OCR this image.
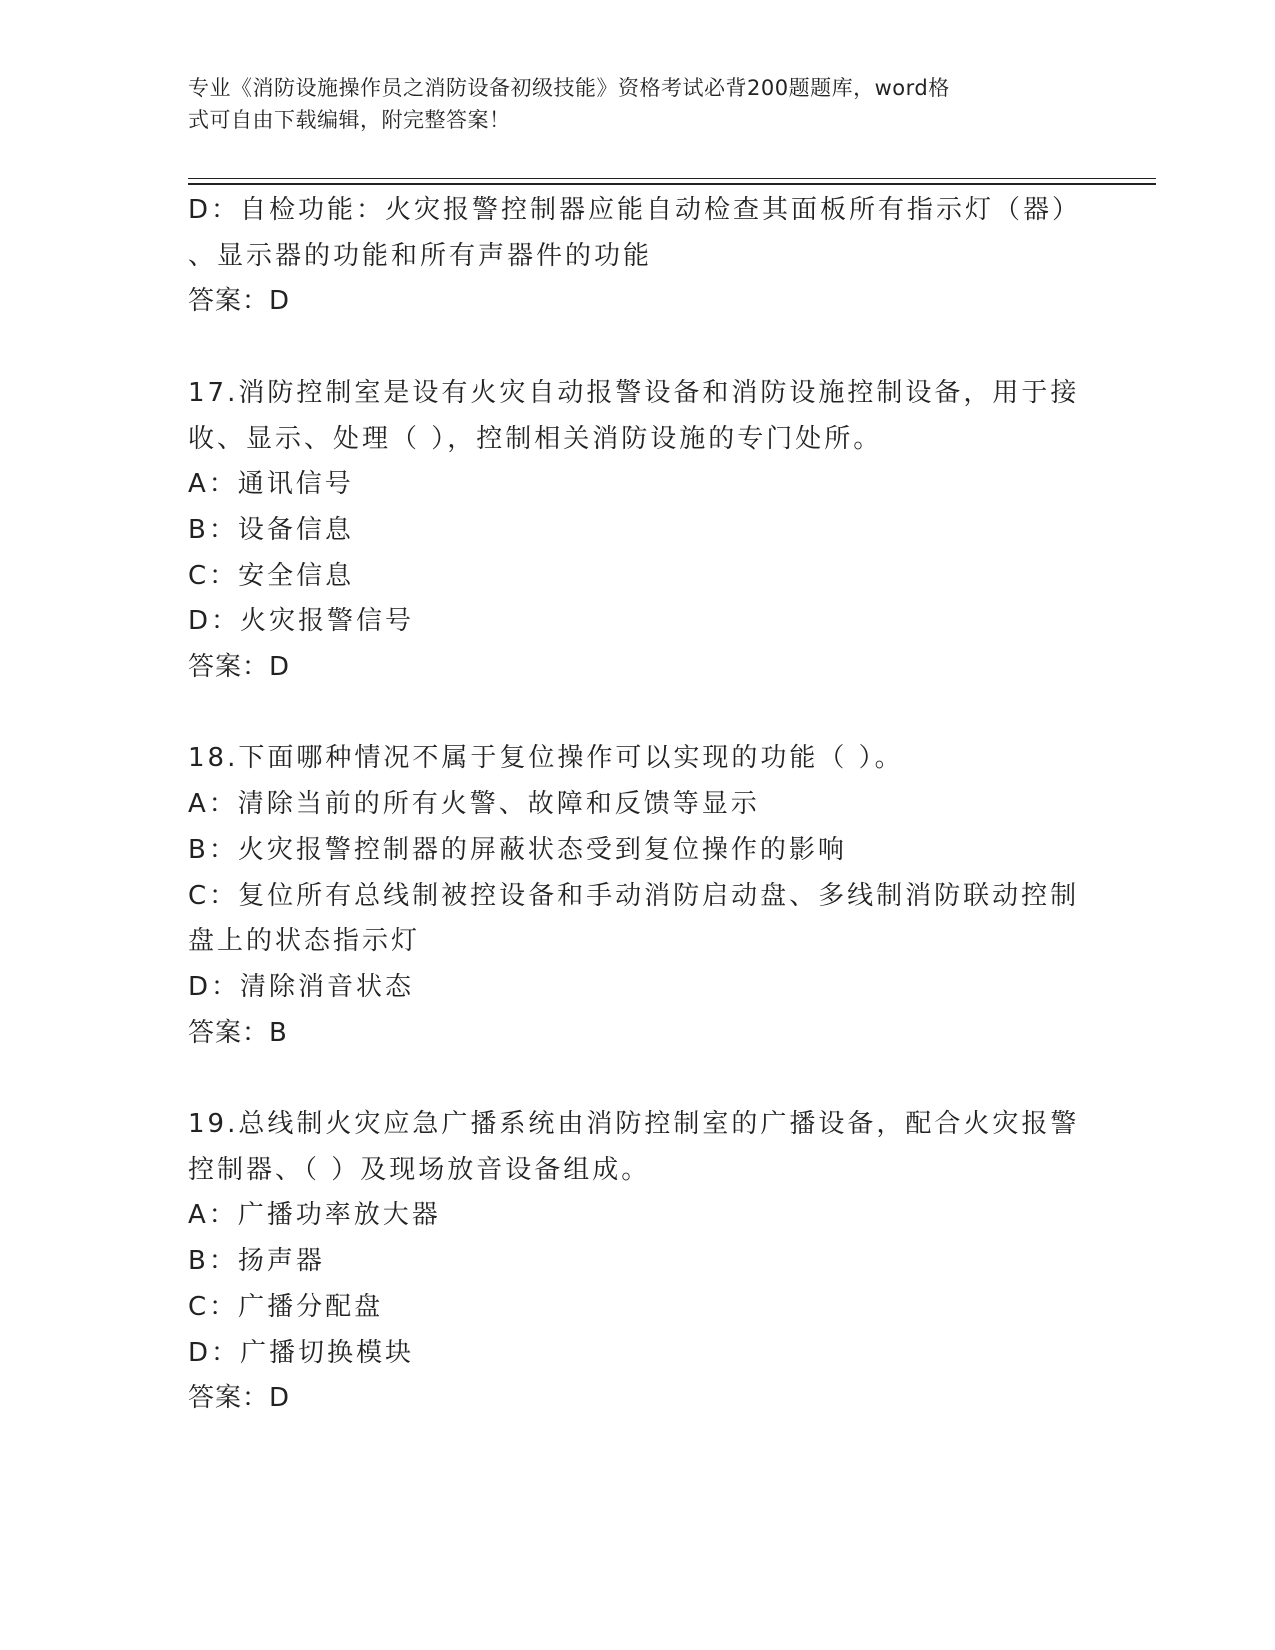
专业《消防设施操作员之消防设备初级技能》资格考试必背200题题库，word格
式可自由下载编辑，附完整答案！
D：自检功能：火灾报警控制器应能自动检查其面板所有指示灯（器）
、显示器的功能和所有声器件的功能
答案：D
17.消防控制室是设有火灾自动报警设备和消防设施控制设备，用于接
收、显示、处理（ ），控制相关消防设施的专门处所。
A：通讯信号
B：设备信息
C：安全信息
D：火灾报警信号
答案：D
18.下面哪种情况不属于复位操作可以实现的功能（ ）。
A：清除当前的所有火警、故障和反馈等显示
B：火灾报警控制器的屏蔽状态受到复位操作的影响
C：复位所有总线制被控设备和手动消防启动盘、多线制消防联动控制
盘上的状态指示灯
D：清除消音状态
答案：B
19.总线制火灾应急广播系统由消防控制室的广播设备，配合火灾报警
控制器、（ ）及现场放音设备组成。
A：广播功率放大器
B：扬声器
C：广播分配盘
D：广播切换模块
答案：D
